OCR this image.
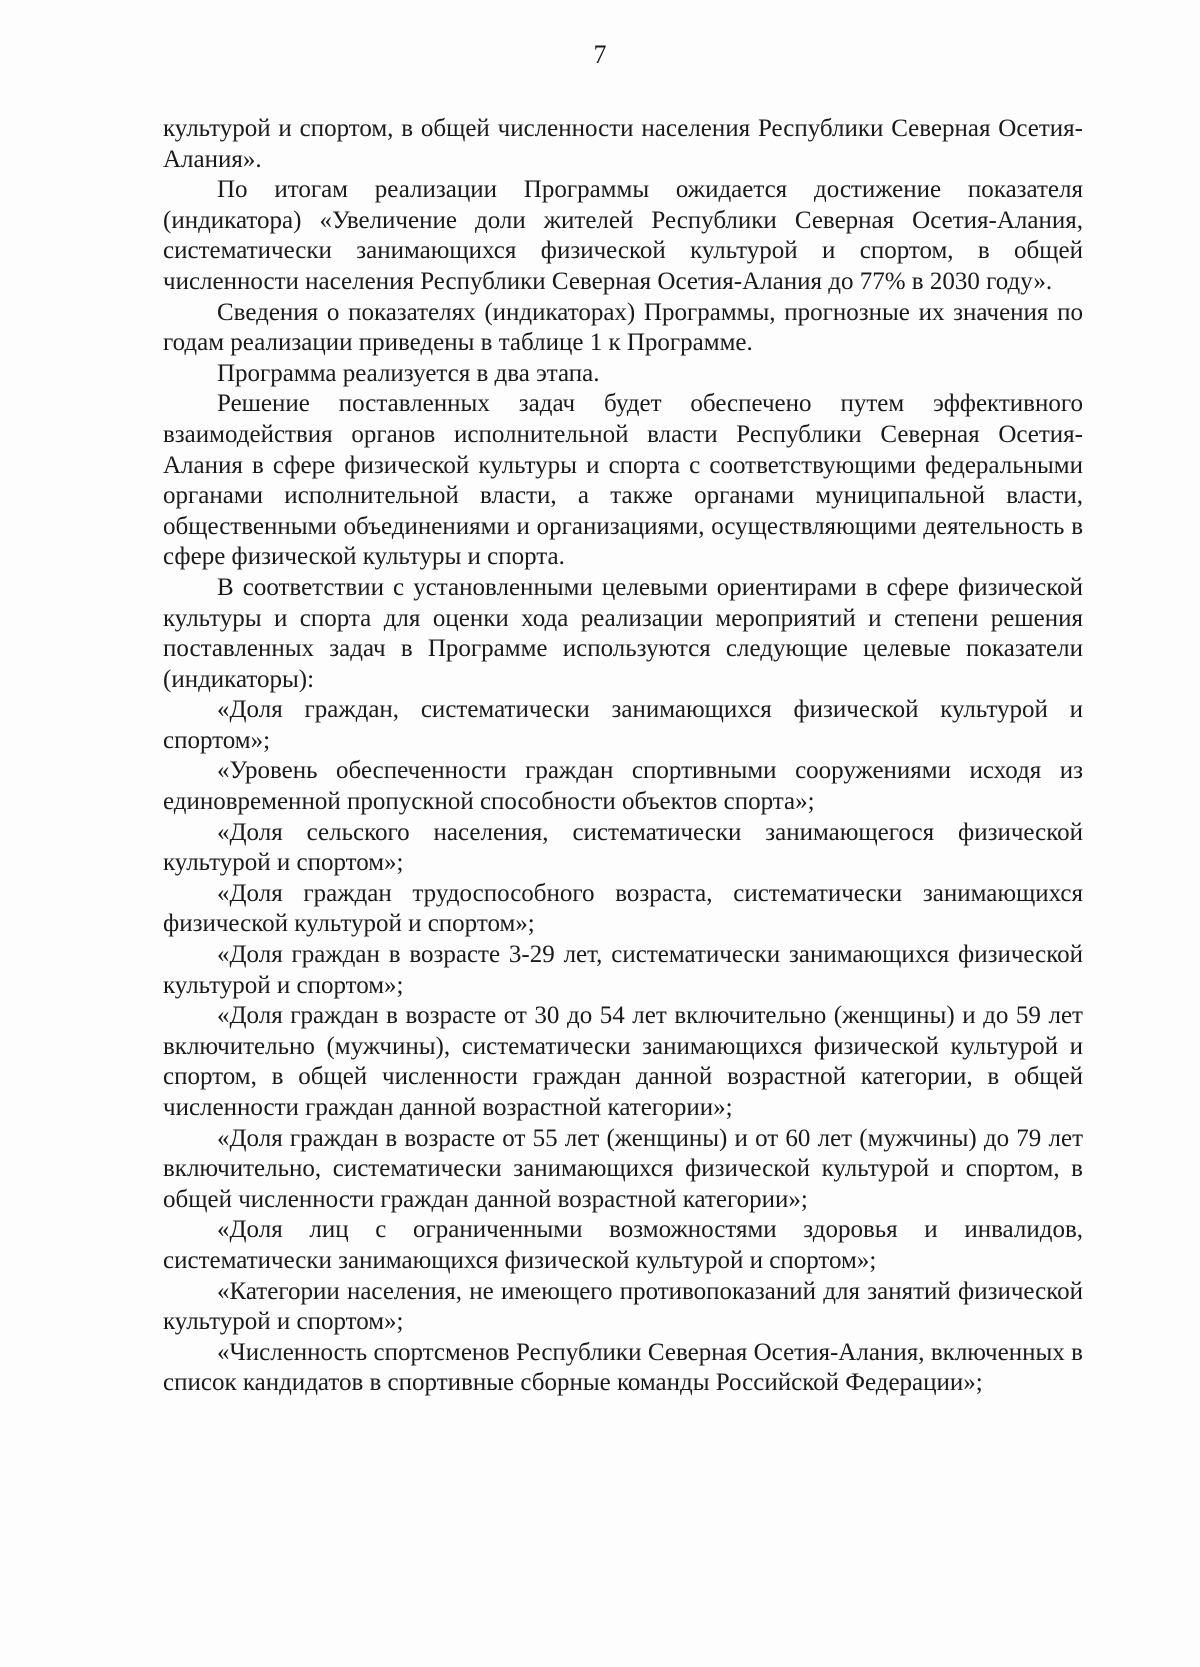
7

культурой и спортом, в общей численности населения Республики Северная Осетия-Алания».

По итогам реализации Программы ожидается достижение показателя (индикатора) «Увеличение доли жителей Республики Северная Осетия-Алания, систематически занимающихся физической культурой и спортом, в общей численности населения Республики Северная Осетия-Алания до 77% в 2030 году».

Сведения о показателях (индикаторах) Программы, прогнозные их значения по годам реализации приведены в таблице 1 к Программе.

Программа реализуется в два этапа.

Решение поставленных задач будет обеспечено путем эффективного взаимодействия органов исполнительной власти Республики Северная Осетия-Алания в сфере физической культуры и спорта с соответствующими федеральными органами исполнительной власти, а также органами муниципальной власти, общественными объединениями и организациями, осуществляющими деятельность в сфере физической культуры и спорта.

В соответствии с установленными целевыми ориентирами в сфере физической культуры и спорта для оценки хода реализации мероприятий и степени решения поставленных задач в Программе используются следующие целевые показатели (индикаторы):

«Доля граждан, систематически занимающихся физической культурой и спортом»;

«Уровень обеспеченности граждан спортивными сооружениями исходя из единовременной пропускной способности объектов спорта»;

«Доля сельского населения, систематически занимающегося физической культурой и спортом»;

«Доля граждан трудоспособного возраста, систематически занимающихся физической культурой и спортом»;

«Доля граждан в возрасте 3-29 лет, систематически занимающихся физической культурой и спортом»;

«Доля граждан в возрасте от 30 до 54 лет включительно (женщины) и до 59 лет включительно (мужчины), систематически занимающихся физической культурой и спортом, в общей численности граждан данной возрастной категории, в общей численности граждан данной возрастной категории»;

«Доля граждан в возрасте от 55 лет (женщины) и от 60 лет (мужчины) до 79 лет включительно, систематически занимающихся физической культурой и спортом, в общей численности граждан данной возрастной категории»;

«Доля лиц с ограниченными возможностями здоровья и инвалидов, систематически занимающихся физической культурой и спортом»;

«Категории населения, не имеющего противопоказаний для занятий физической культурой и спортом»;

«Численность спортсменов Республики Северная Осетия-Алания, включенных в список кандидатов в спортивные сборные команды Российской Федерации»;
